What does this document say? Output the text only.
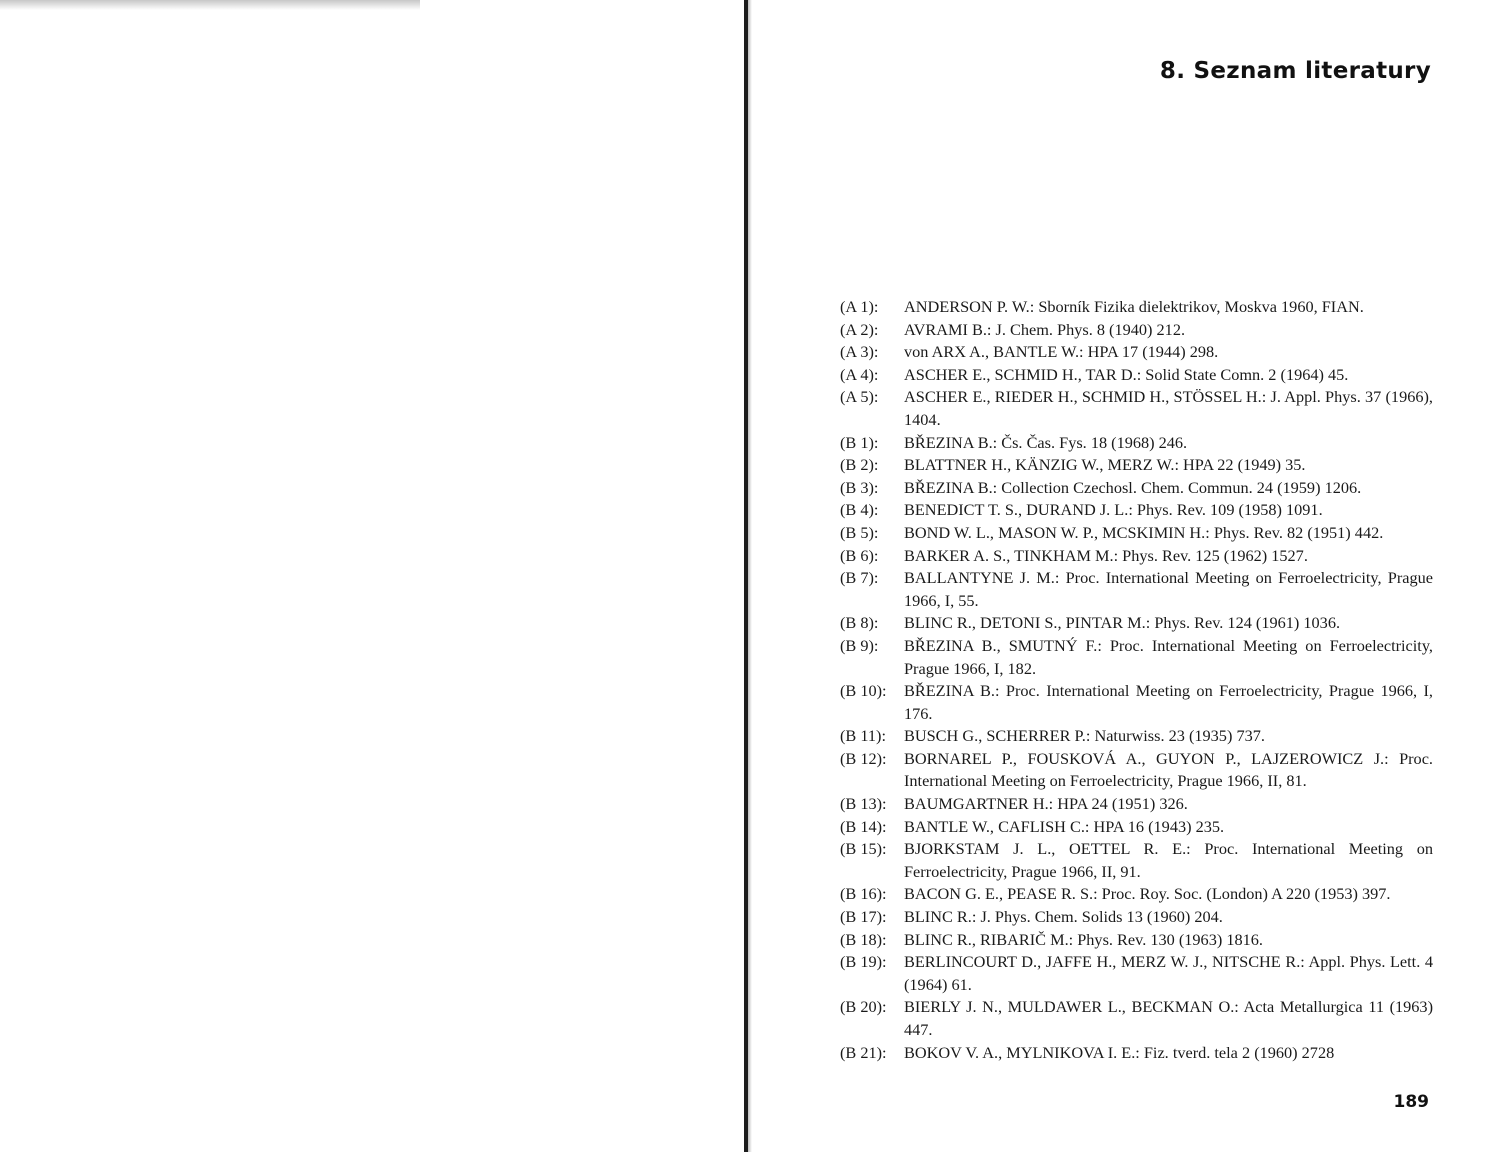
8. Seznam literatury
(A 1):	ANDERSON P. W.: Sborník Fizika dielektrikov, Moskva 1960, FIAN.
(A 2):	AVRAMI B.: J. Chem. Phys. 8 (1940) 212.
(A 3):	von ARX A., BANTLE W.: HPA 17 (1944) 298.
(A 4):	ASCHER E., SCHMID H., TAR D.: Solid State Comn. 2 (1964) 45.
(A 5):	ASCHER E., RIEDER H., SCHMID H., STÖSSEL H.: J. Appl. Phys. 37 (1966), 1404.
(B 1):	BŘEZINA B.: Čs. Čas. Fys. 18 (1968) 246.
(B 2):	BLATTNER H., KÄNZIG W., MERZ W.: HPA 22 (1949) 35.
(B 3):	BŘEZINA B.: Collection Czechosl. Chem. Commun. 24 (1959) 1206.
(B 4):	BENEDICT T. S., DURAND J. L.: Phys. Rev. 109 (1958) 1091.
(B 5):	BOND W. L., MASON W. P., MCSKIMIN H.: Phys. Rev. 82 (1951) 442.
(B 6):	BARKER A. S., TINKHAM M.: Phys. Rev. 125 (1962) 1527.
(B 7):	BALLANTYNE J. M.: Proc. International Meeting on Ferroelectricity, Prague 1966, I, 55.
(B 8):	BLINC R., DETONI S., PINTAR M.: Phys. Rev. 124 (1961) 1036.
(B 9):	BŘEZINA B., SMUTNÝ F.: Proc. International Meeting on Ferroelectricity, Prague 1966, I, 182.
(B 10):	BŘEZINA B.: Proc. International Meeting on Ferroelectricity, Prague 1966, I, 176.
(B 11):	BUSCH G., SCHERRER P.: Naturwiss. 23 (1935) 737.
(B 12):	BORNAREL P., FOUSKOVÁ A., GUYON P., LAJZEROWICZ J.: Proc. International Meeting on Ferroelectricity, Prague 1966, II, 81.
(B 13):	BAUMGARTNER H.: HPA 24 (1951) 326.
(B 14):	BANTLE W., CAFLISH C.: HPA 16 (1943) 235.
(B 15):	BJORKSTAM J. L., OETTEL R. E.: Proc. International Meeting on Ferroelectricity, Prague 1966, II, 91.
(B 16):	BACON G. E., PEASE R. S.: Proc. Roy. Soc. (London) A 220 (1953) 397.
(B 17):	BLINC R.: J. Phys. Chem. Solids 13 (1960) 204.
(B 18):	BLINC R., RIBARIČ M.: Phys. Rev. 130 (1963) 1816.
(B 19):	BERLINCOURT D., JAFFE H., MERZ W. J., NITSCHE R.: Appl. Phys. Lett. 4 (1964) 61.
(B 20):	BIERLY J. N., MULDAWER L., BECKMAN O.: Acta Metallurgica 11 (1963) 447.
(B 21):	BOKOV V. A., MYLNIKOVA I. E.: Fiz. tverd. tela 2 (1960) 2728
189
